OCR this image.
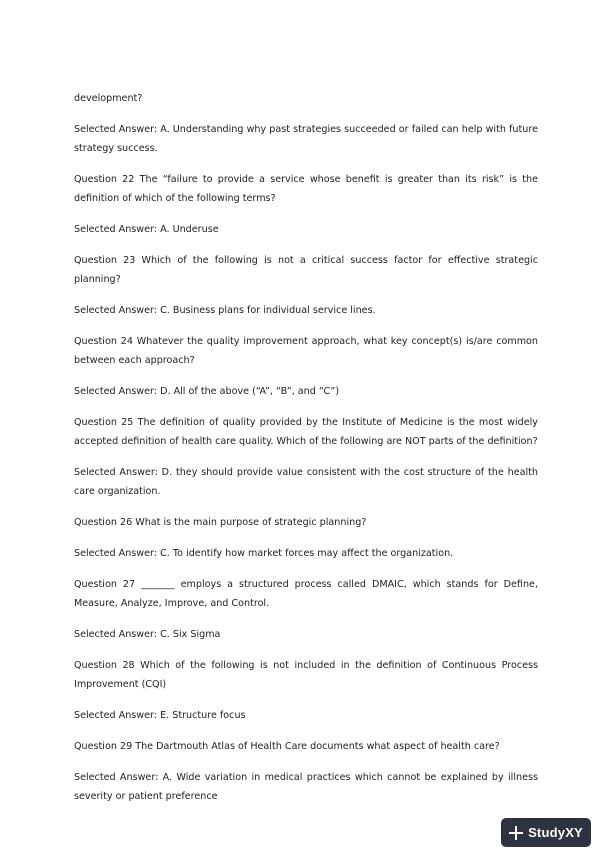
development?

Selected Answer: A. Understanding why past strategies succeeded or failed can help with future strategy success.

Question 22 The “failure to provide a service whose benefit is greater than its risk” is the definition of which of the following terms?

Selected Answer: A. Underuse

Question 23 Which of the following is not a critical success factor for effective strategic planning?

Selected Answer: C. Business plans for individual service lines.

Question 24 Whatever the quality improvement approach, what key concept(s) is/are common between each approach?

Selected Answer: D. All of the above (“A”, “B”, and “C”)

Question 25 The definition of quality provided by the Institute of Medicine is the most widely accepted definition of health care quality. Which of the following are NOT parts of the definition?

Selected Answer: D. they should provide value consistent with the cost structure of the health care organization.

Question 26 What is the main purpose of strategic planning?

Selected Answer: C. To identify how market forces may affect the organization.

Question 27 _______ employs a structured process called DMAIC, which stands for Define, Measure, Analyze, Improve, and Control.

Selected Answer: C. Six Sigma

Question 28 Which of the following is not included in the definition of Continuous Process Improvement (CQI)

Selected Answer: E. Structure focus

Question 29 The Dartmouth Atlas of Health Care documents what aspect of health care?

Selected Answer: A. Wide variation in medical practices which cannot be explained by illness severity or patient preference

StudyXY
